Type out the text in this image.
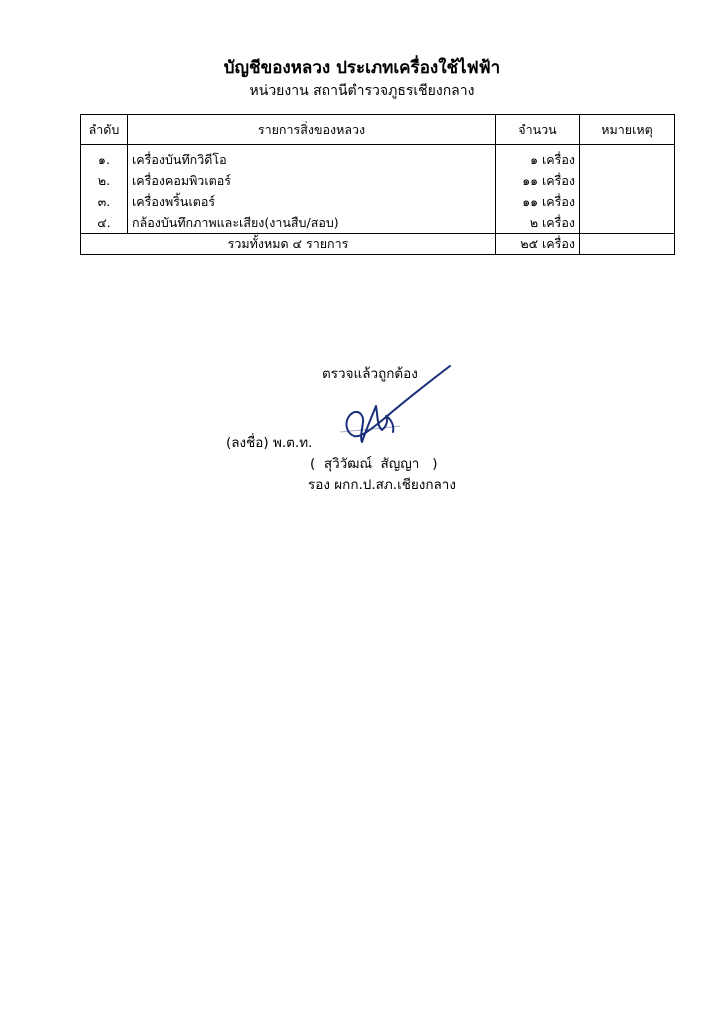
บัญชีของหลวง ประเภทเครื่องใช้ไฟฟ้า
หน่วยงาน สถานีตำรวจภูธรเชียงกลาง
ลำดับ	รายการสิ่งของหลวง	จำนวน	หมายเหตุ
๑.	เครื่องบันทึกวิดีโอ	๑ เครื่อง	
๒.	เครื่องคอมพิวเตอร์	๑๑ เครื่อง	
๓.	เครื่องพริ้นเตอร์	๑๑ เครื่อง	
๔.	กล้องบันทึกภาพและเสียง(งานสืบ/สอบ)	๒ เครื่อง	
รวมทั้งหมด ๔ รายการ		๒๕ เครื่อง	
ตรวจแล้วถูกต้อง
(ลงชื่อ) พ.ต.ท.
(  สุวิวัฒณ์  สัญญา   )
รอง ผกก.ป.สภ.เชียงกลาง
